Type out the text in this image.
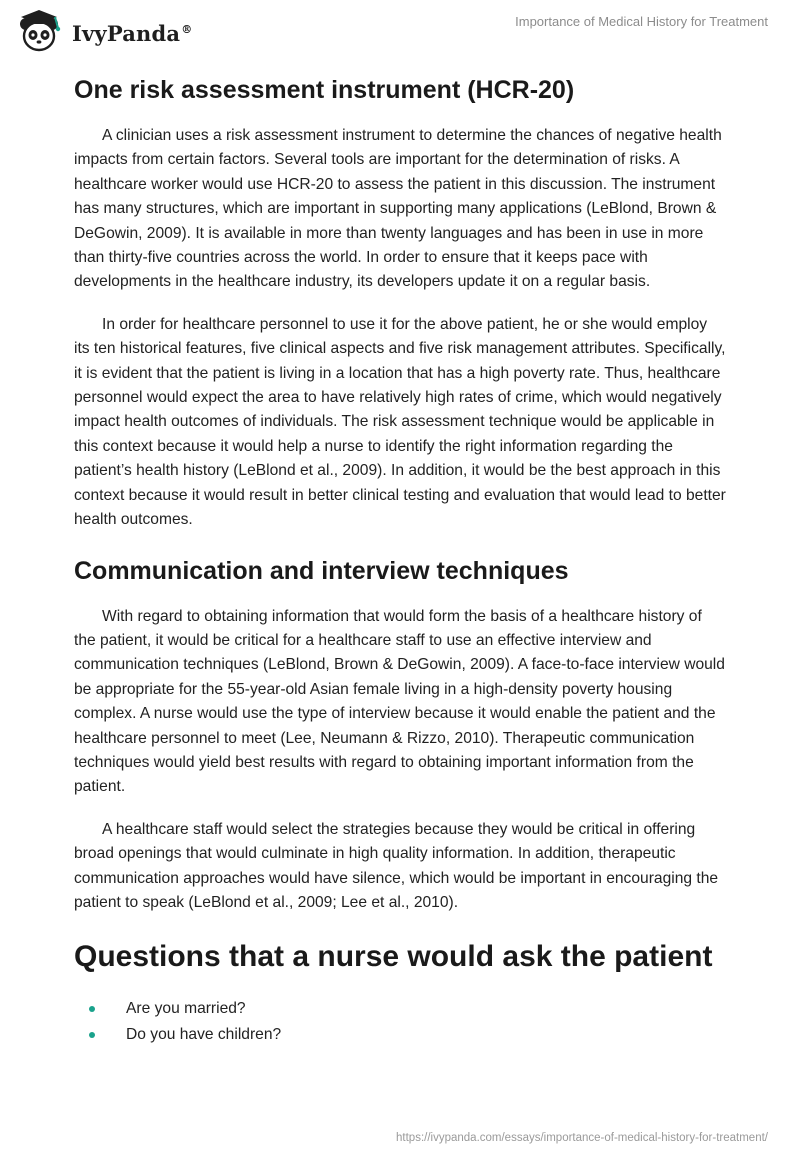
IvyPanda®	Importance of Medical History for Treatment
One risk assessment instrument (HCR-20)

A clinician uses a risk assessment instrument to determine the chances of negative health impacts from certain factors. Several tools are important for the determination of risks. A healthcare worker would use HCR-20 to assess the patient in this discussion. The instrument has many structures, which are important in supporting many applications (LeBlond, Brown & DeGowin, 2009). It is available in more than twenty languages and has been in use in more than thirty-five countries across the world. In order to ensure that it keeps pace with developments in the healthcare industry, its developers update it on a regular basis.

In order for healthcare personnel to use it for the above patient, he or she would employ its ten historical features, five clinical aspects and five risk management attributes. Specifically, it is evident that the patient is living in a location that has a high poverty rate. Thus, healthcare personnel would expect the area to have relatively high rates of crime, which would negatively impact health outcomes of individuals. The risk assessment technique would be applicable in this context because it would help a nurse to identify the right information regarding the patient’s health history (LeBlond et al., 2009). In addition, it would be the best approach in this context because it would result in better clinical testing and evaluation that would lead to better health outcomes.

Communication and interview techniques

With regard to obtaining information that would form the basis of a healthcare history of the patient, it would be critical for a healthcare staff to use an effective interview and communication techniques (LeBlond, Brown & DeGowin, 2009). A face-to-face interview would be appropriate for the 55-year-old Asian female living in a high-density poverty housing complex. A nurse would use the type of interview because it would enable the patient and the healthcare personnel to meet (Lee, Neumann & Rizzo, 2010). Therapeutic communication techniques would yield best results with regard to obtaining important information from the patient.

A healthcare staff would select the strategies because they would be critical in offering broad openings that would culminate in high quality information. In addition, therapeutic communication approaches would have silence, which would be important in encouraging the patient to speak (LeBlond et al., 2009; Lee et al., 2010).

Questions that a nurse would ask the patient
Are you married?
Do you have children?
https://ivypanda.com/essays/importance-of-medical-history-for-treatment/
